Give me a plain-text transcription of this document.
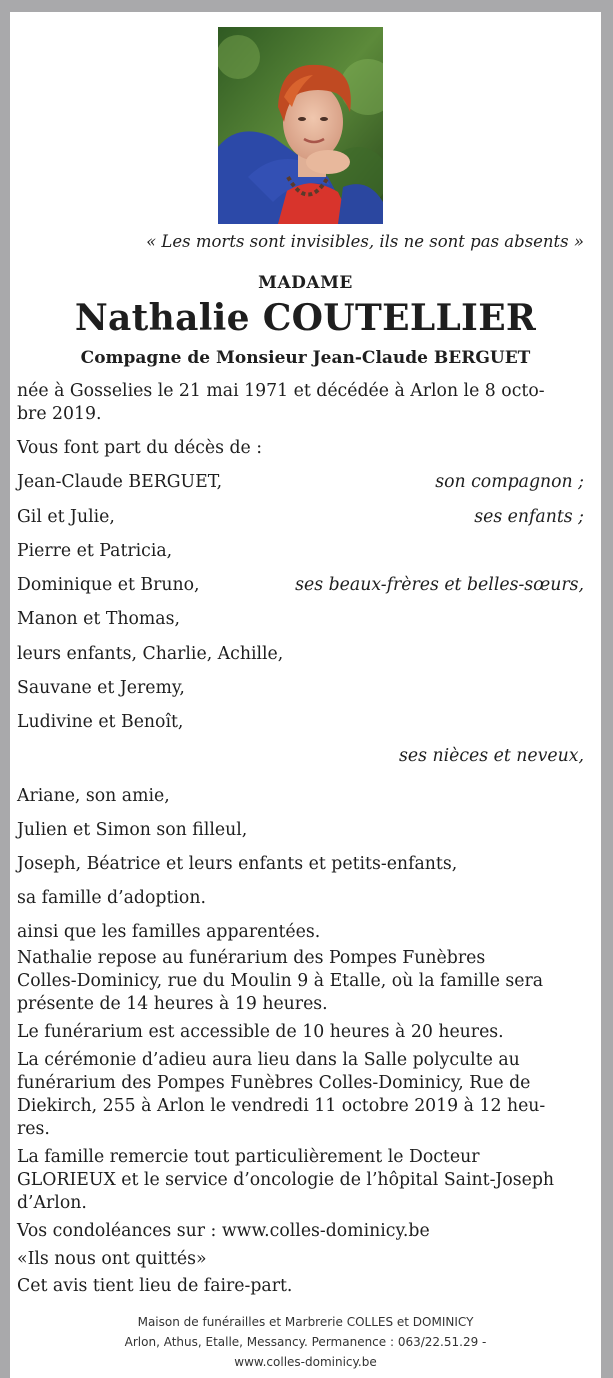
« Les morts sont invisibles, ils ne sont pas absents »
MADAME
Nathalie COUTELLIER
Compagne de Monsieur Jean-Claude BERGUET
née à Gosselies le 21 mai 1971 et décédée à Arlon le 8 octo-
bre 2019.
Vous font part du décès de :
Jean-Claude BERGUET,	son compagnon ;
Gil et Julie,	ses enfants ;
Pierre et Patricia,
Dominique et Bruno,	ses beaux-frères et belles-sœurs,
Manon et Thomas,
leurs enfants, Charlie, Achille,
Sauvane et Jeremy,
Ludivine et Benoît,
ses nièces et neveux,
Ariane, son amie,
Julien et Simon son filleul,
Joseph, Béatrice et leurs enfants et petits-enfants,
sa famille d’adoption.
ainsi que les familles apparentées.
Nathalie repose au funérarium des Pompes Funèbres
Colles-Dominicy, rue du Moulin 9 à Etalle, où la famille sera
présente de 14 heures à 19 heures.
Le funérarium est accessible de 10 heures à 20 heures.
La cérémonie d’adieu aura lieu dans la Salle polyculte au
funérarium des Pompes Funèbres Colles-Dominicy, Rue de
Diekirch, 255 à Arlon le vendredi 11 octobre 2019 à 12 heu-
res.
La famille remercie tout particulièrement le Docteur
GLORIEUX et le service d’oncologie de l’hôpital Saint-Joseph
d’Arlon.
Vos condoléances sur : www.colles-dominicy.be
«Ils nous ont quittés»
Cet avis tient lieu de faire-part.
Maison de funérailles et Marbrerie COLLES et DOMINICY
Arlon, Athus, Etalle, Messancy. Permanence : 063/22.51.29 -
www.colles-dominicy.be
